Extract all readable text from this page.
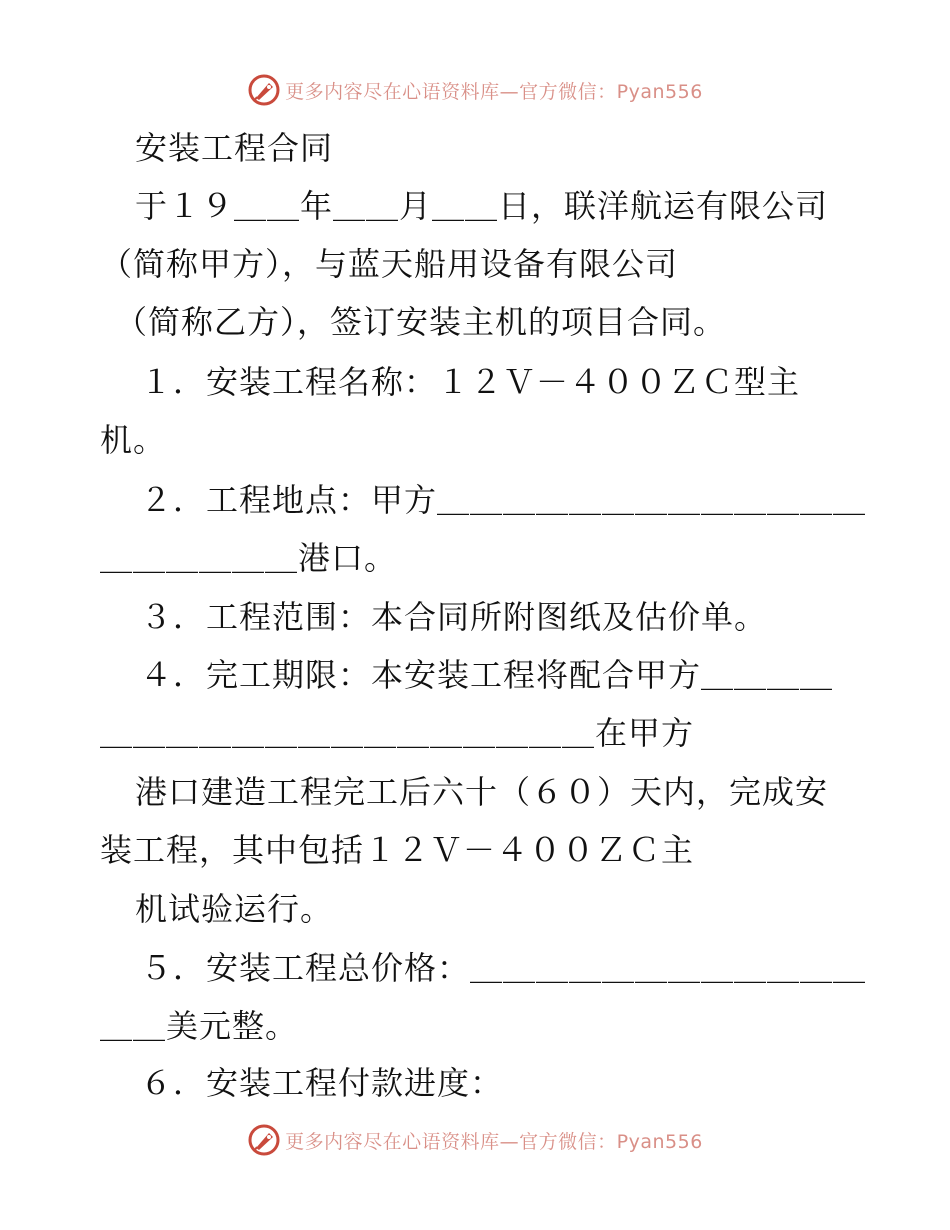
更多内容尽在心语资料库—官方微信：Pyan556
安装工程合同
于１９＿＿年＿＿月＿＿日，联洋航运有限公司
（简称甲方），与蓝天船用设备有限公司
（简称乙方），签订安装主机的项目合同。
１．安装工程名称：１２Ｖ－４００ＺＣ型主
机。
２．工程地点：甲方＿＿＿＿＿＿＿＿＿＿＿＿＿
＿＿＿＿＿＿港口。
３．工程范围：本合同所附图纸及估价单。
４．完工期限：本安装工程将配合甲方＿＿＿＿
＿＿＿＿＿＿＿＿＿＿＿＿＿＿＿在甲方
港口建造工程完工后六十（６０）天内，完成安
装工程，其中包括１２Ｖ－４００ＺＣ主
机试验运行。
５．安装工程总价格：＿＿＿＿＿＿＿＿＿＿＿＿
＿＿美元整。
６．安装工程付款进度：
更多内容尽在心语资料库—官方微信：Pyan556
